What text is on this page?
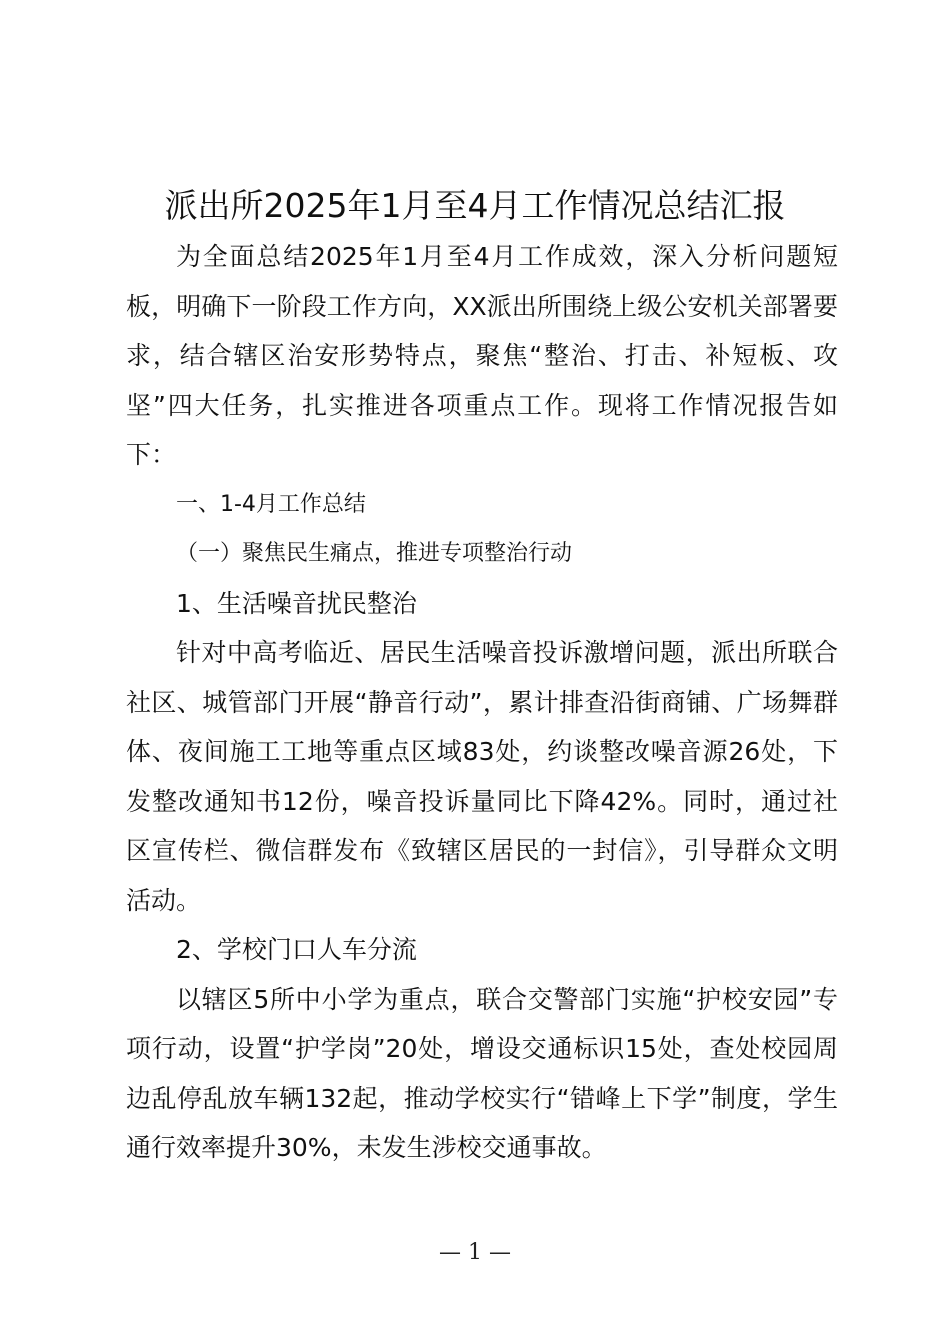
派出所2025年1月至4月工作情况总结汇报

为全面总结2025年1月至4月工作成效，深入分析问题短板，明确下一阶段工作方向，XX派出所围绕上级公安机关部署要求，结合辖区治安形势特点，聚焦“整治、打击、补短板、攻坚”四大任务，扎实推进各项重点工作。现将工作情况报告如下：

一、1-4月工作总结

（一）聚焦民生痛点，推进专项整治行动

1、生活噪音扰民整治

针对中高考临近、居民生活噪音投诉激增问题，派出所联合社区、城管部门开展“静音行动”，累计排查沿街商铺、广场舞群体、夜间施工工地等重点区域83处，约谈整改噪音源26处，下发整改通知书12份，噪音投诉量同比下降42%。同时，通过社区宣传栏、微信群发布《致辖区居民的一封信》，引导群众文明活动。

2、学校门口人车分流

以辖区5所中小学为重点，联合交警部门实施“护校安园”专项行动，设置“护学岗”20处，增设交通标识15处，查处校园周边乱停乱放车辆132起，推动学校实行“错峰上下学”制度，学生通行效率提升30%，未发生涉校交通事故。

— 1 —
